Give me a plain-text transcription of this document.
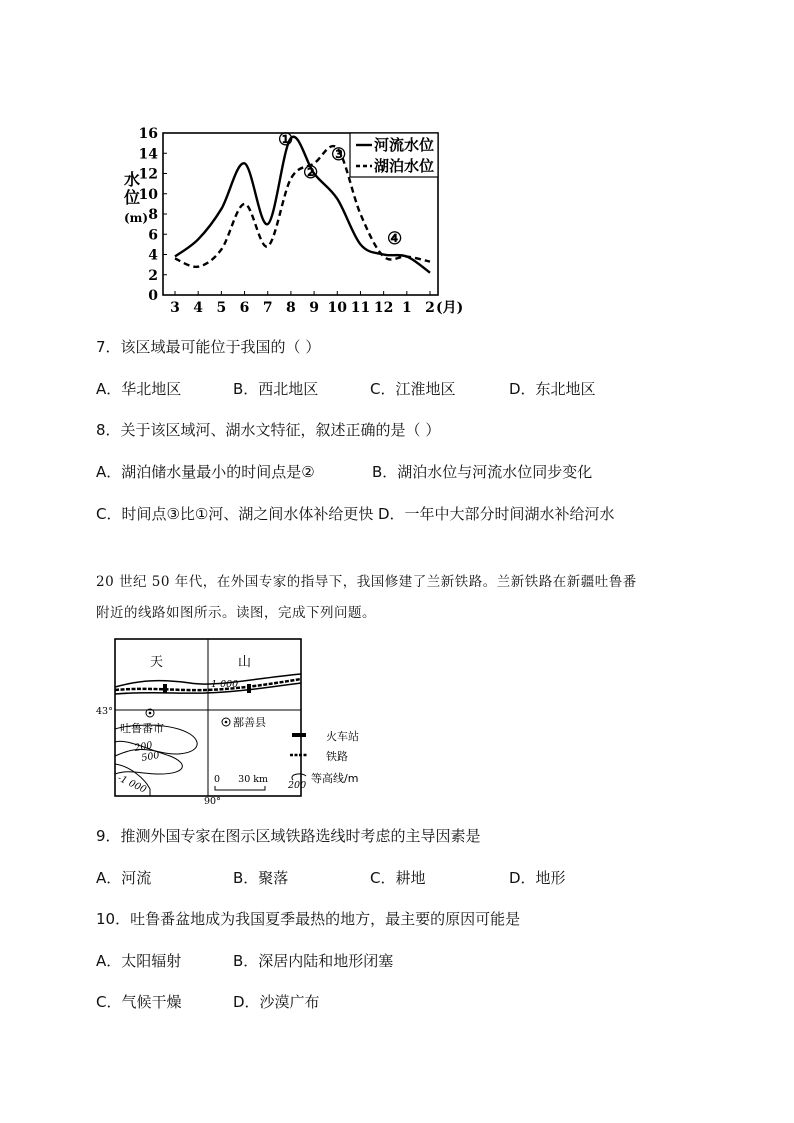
0
2
4
6
8
10
12
14
16
3 4 5 6 7 8 9 10 11 12 1 2 (月)
水
位
(m)
河流水位
湖泊水位
①
②
③
④
7．该区域最可能位于我国的（ ）
A．华北地区	B．西北地区	C．江淮地区	D．东北地区
8．关于该区域河、湖水文特征，叙述正确的是（ ）
A．湖泊储水量最小的时间点是②	B．湖泊水位与河流水位同步变化
C．时间点③比①河、湖之间水体补给更快 D．一年中大部分时间湖水补给河水
20 世纪 50 年代，在外国专家的指导下，我国修建了兰新铁路。兰新铁路在新疆吐鲁番
附近的线路如图所示。读图，完成下列问题。
天	山
1 000
43°
90°
吐鲁番市	鄯善县
200
500
-1 000	0      30 km
火车站
铁路
200
等高线/m
9．推测外国专家在图示区域铁路选线时考虑的主导因素是
A．河流	B．聚落	C．耕地	D．地形
10．吐鲁番盆地成为我国夏季最热的地方，最主要的原因可能是
A．太阳辐射	B．深居内陆和地形闭塞
C．气候干燥	D．沙漠广布
